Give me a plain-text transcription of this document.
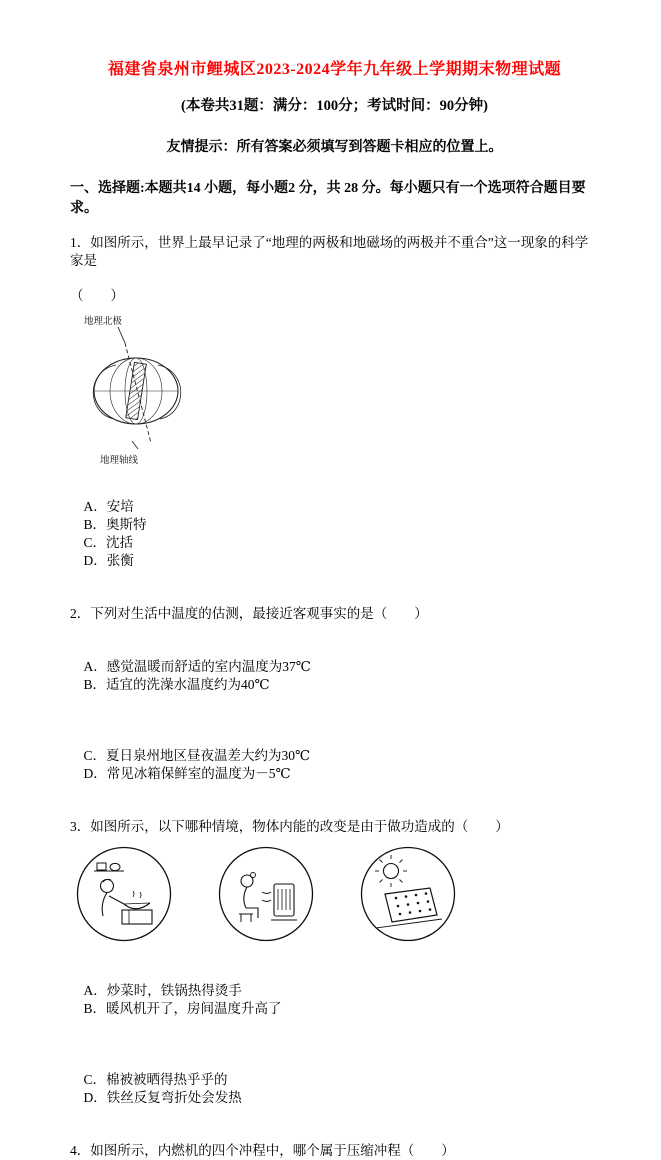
福建省泉州市鲤城区2023-2024学年九年级上学期期末物理试题
(本卷共31题：满分：100分；考试时间：90分钟)
友情提示：所有答案必须填写到答题卡相应的位置上。
一、选择题:本题共14 小题，每小题2 分，共 28 分。每小题只有一个选项符合题目要求。

1．如图所示，世界上最早记录了“地理的两极和地磁场的两极并不重合”这一现象的科学家是

（　　）

地理北极
地理轴线

A．安培
B．奥斯特
C．沈括
D．张衡

2．下列对生活中温度的估测，最接近客观事实的是（　　）

A．感觉温暖而舒适的室内温度为37℃
B．适宜的洗澡水温度约为40℃

C．夏日泉州地区昼夜温差大约为30℃
D．常见冰箱保鲜室的温度为－5℃

3．如图所示，以下哪种情境，物体内能的改变是由于做功造成的（　　）

A．炒菜时，铁锅热得烫手
B．暖风机开了，房间温度升高了

C．棉被被晒得热乎乎的
D．铁丝反复弯折处会发热

4．如图所示，内燃机的四个冲程中，哪个属于压缩冲程（　　）
